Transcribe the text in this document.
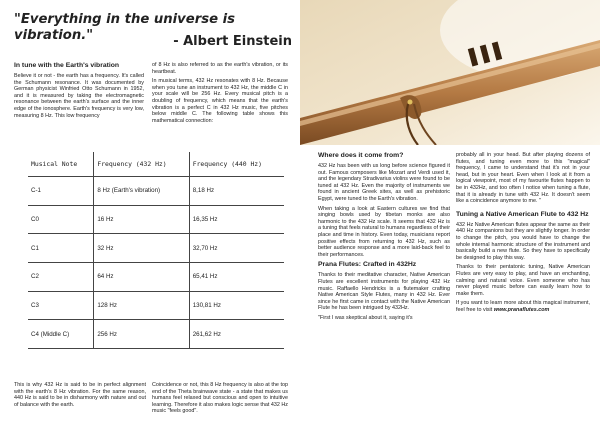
"Everything in the universe is vibration."	- Albert Einstein
In tune with the Earth's vibration

Believe it or not - the earth has a frequency. It's called the Schumann resonance. It was documented by German physicist Winfried Otto Schumann in 1952, and it is measured by taking the electromagnetic resonance between the earth's surface and the inner edge of the ionosphere. Earth's frequency is very low, measuring 8 Hz. This low frequency

of 8 Hz is also referred to as the earth's vibration, or its heartbeat.

In musical terms, 432 Hz resonates with 8 Hz. Because when you tune an instrument to 432 Hz, the middle C in your scale will be 256 Hz. Every musical pitch is a doubling of frequency, which means that the earth's vibration is a perfect C in 432 Hz music, five pitches below middle C. The following table shows this mathematical connection:

Musical Note	Frequency (432 Hz)	Frequency (440 Hz)
C-1	8 Hz (Earth's vibration)	8,18 Hz
C0	16 Hz	16,35 Hz
C1	32 Hz	32,70 Hz
C2	64 Hz	65,41 Hz
C3	128 Hz	130,81 Hz
C4 (Middle C)	256 Hz	261,62 Hz

This is why 432 Hz is said to be in perfect alignment with the earth's 8 Hz vibration. For the same reason, 440 Hz is said to be in disharmony with nature and out of balance with the earth.

Coincidence or not, this 8 Hz frequency is also at the top end of the Theta brainwave state - a state that makes us humans feel relaxed but conscious and open to intuitive learning. Therefore it also makes logic sense that 432 Hz music "feels good".

Where does it come from?

432 Hz has been with us long before science figured it out. Famous composers like Mozart and Verdi used it, and the legendary Stradivarius violins were found to be tuned at 432 Hz. Even the majority of instruments we found in ancient Greek sites, as well as prehistoric Egypt, were tuned to the Earth's vibration.

When taking a look at Eastern cultures we find that singing bowls used by tibetan monks are also harmonic to the 432 Hz scale. It seems that 432 Hz is a tuning that feels natural to humans regardless of their place and time in history. Even today, musicians report positive effects from returning to 432 Hz, such as better audience response and a more laid-back feel to their performances.

Prana Flutes: Crafted in 432Hz

Thanks to their meditative character, Native American Flutes are excellent instruments for playing 432 Hz music. Raffaello Hendricks is a flutemaker crafting Native American Style Flutes, many in 432 Hz. Ever since he first came in contact with the Native American Flute he has been intrigued by 432Hz.

"First I was skeptical about it, saying it's

probably all in your head. But after playing dozens of flutes, and tuning even more to this "magical" frequency, I came to understand that it's not in your head, but in your heart. Even when I look at it from a logical viewpoint, most of my favourite flutes happen to be in 432Hz, and too often I notice when tuning a flute, that it is already in tune with 432 Hz. It doesn't seem like a coincidence anymore to me. "

Tuning a Native American Flute to 432 Hz

432 Hz Native American flutes appear the same as their 440 Hz companions but they are slightly longer. In order to change the pitch, you would have to change the whole internal harmonic structure of the instrument and basically build a new flute. So they have to specifically be designed to play this way.

Thanks to their pentatonic tuning, Native American Flutes are very easy to play, and have an enchanting, calming and natural voice. Even someone who has never played music before can easily learn how to make them.

If you want to learn more about this magical instrument, feel free to visit www.pranaflutes.com
